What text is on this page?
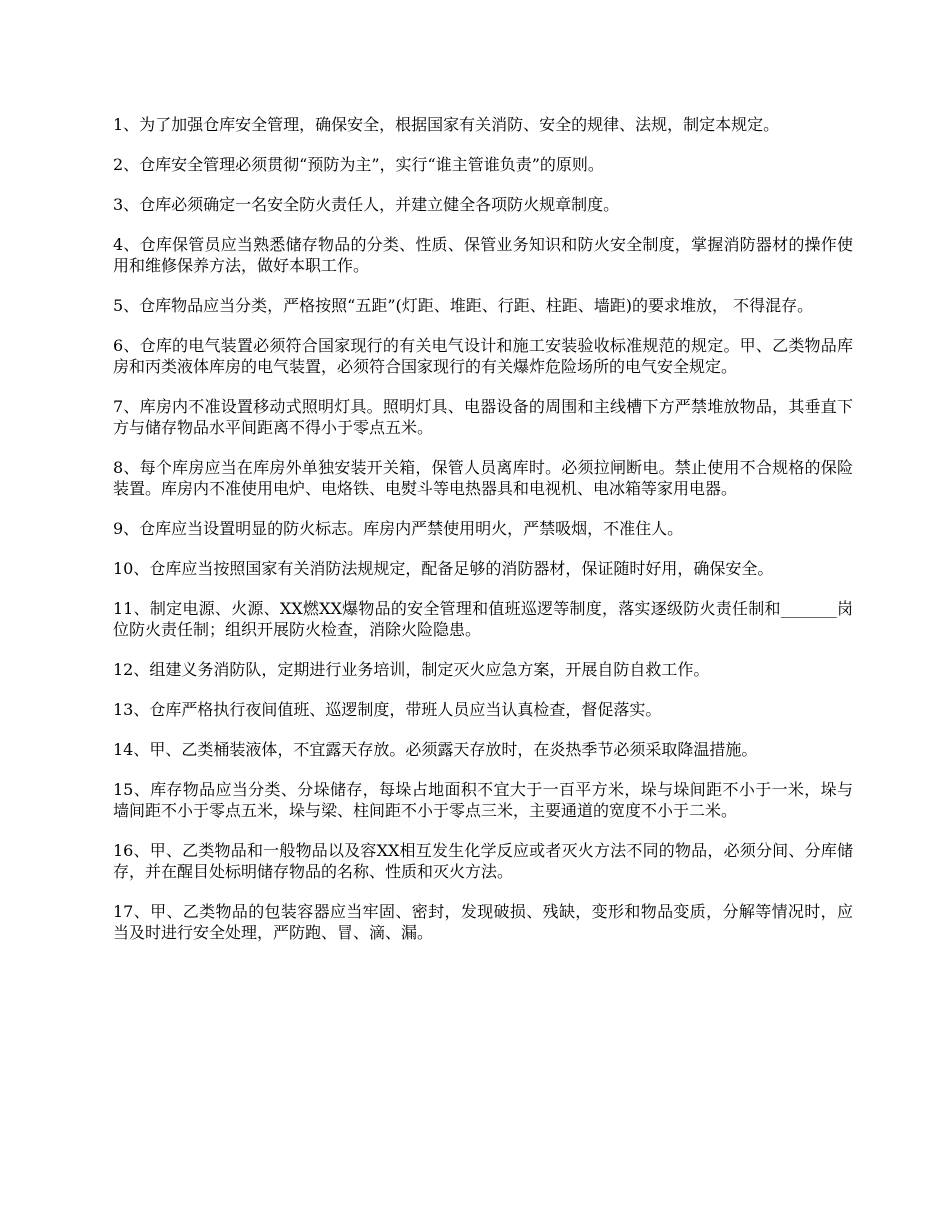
1、为了加强仓库安全管理，确保安全，根据国家有关消防、安全的规律、法规，制定本规定。

2、仓库安全管理必须贯彻“预防为主”，实行“谁主管谁负责”的原则。

3、仓库必须确定一名安全防火责任人，并建立健全各项防火规章制度。

4、仓库保管员应当熟悉储存物品的分类、性质、保管业务知识和防火安全制度，掌握消防器材的操作使用和维修保养方法，做好本职工作。

5、仓库物品应当分类，严格按照“五距”(灯距、堆距、行距、柱距、墙距)的要求堆放， 不得混存。

6、仓库的电气装置必须符合国家现行的有关电气设计和施工安装验收标准规范的规定。甲、乙类物品库房和丙类液体库房的电气装置，必须符合国家现行的有关爆炸危险场所的电气安全规定。

7、库房内不准设置移动式照明灯具。照明灯具、电器设备的周围和主线槽下方严禁堆放物品，其垂直下方与储存物品水平间距离不得小于零点五米。

8、每个库房应当在库房外单独安装开关箱，保管人员离库时。必须拉闸断电。禁止使用不合规格的保险装置。库房内不准使用电炉、电烙铁、电熨斗等电热器具和电视机、电冰箱等家用电器。

9、仓库应当设置明显的防火标志。库房内严禁使用明火，严禁吸烟，不准住人。

10、仓库应当按照国家有关消防法规规定，配备足够的消防器材，保证随时好用，确保安全。

11、制定电源、火源、XX燃XX爆物品的安全管理和值班巡逻等制度，落实逐级防火责任制和_______岗位防火责任制；组织开展防火检查，消除火险隐患。

12、组建义务消防队，定期进行业务培训，制定灭火应急方案，开展自防自救工作。

13、仓库严格执行夜间值班、巡逻制度，带班人员应当认真检查，督促落实。

14、甲、乙类桶装液体，不宜露天存放。必须露天存放时，在炎热季节必须采取降温措施。

15、库存物品应当分类、分垛储存，每垛占地面积不宜大于一百平方米，垛与垛间距不小于一米，垛与墙间距不小于零点五米，垛与梁、柱间距不小于零点三米，主要通道的宽度不小于二米。

16、甲、乙类物品和一般物品以及容XX相互发生化学反应或者灭火方法不同的物品，必须分间、分库储存，并在醒目处标明储存物品的名称、性质和灭火方法。

17、甲、乙类物品的包装容器应当牢固、密封，发现破损、残缺，变形和物品变质，分解等情况时，应当及时进行安全处理，严防跑、冒、滴、漏。
